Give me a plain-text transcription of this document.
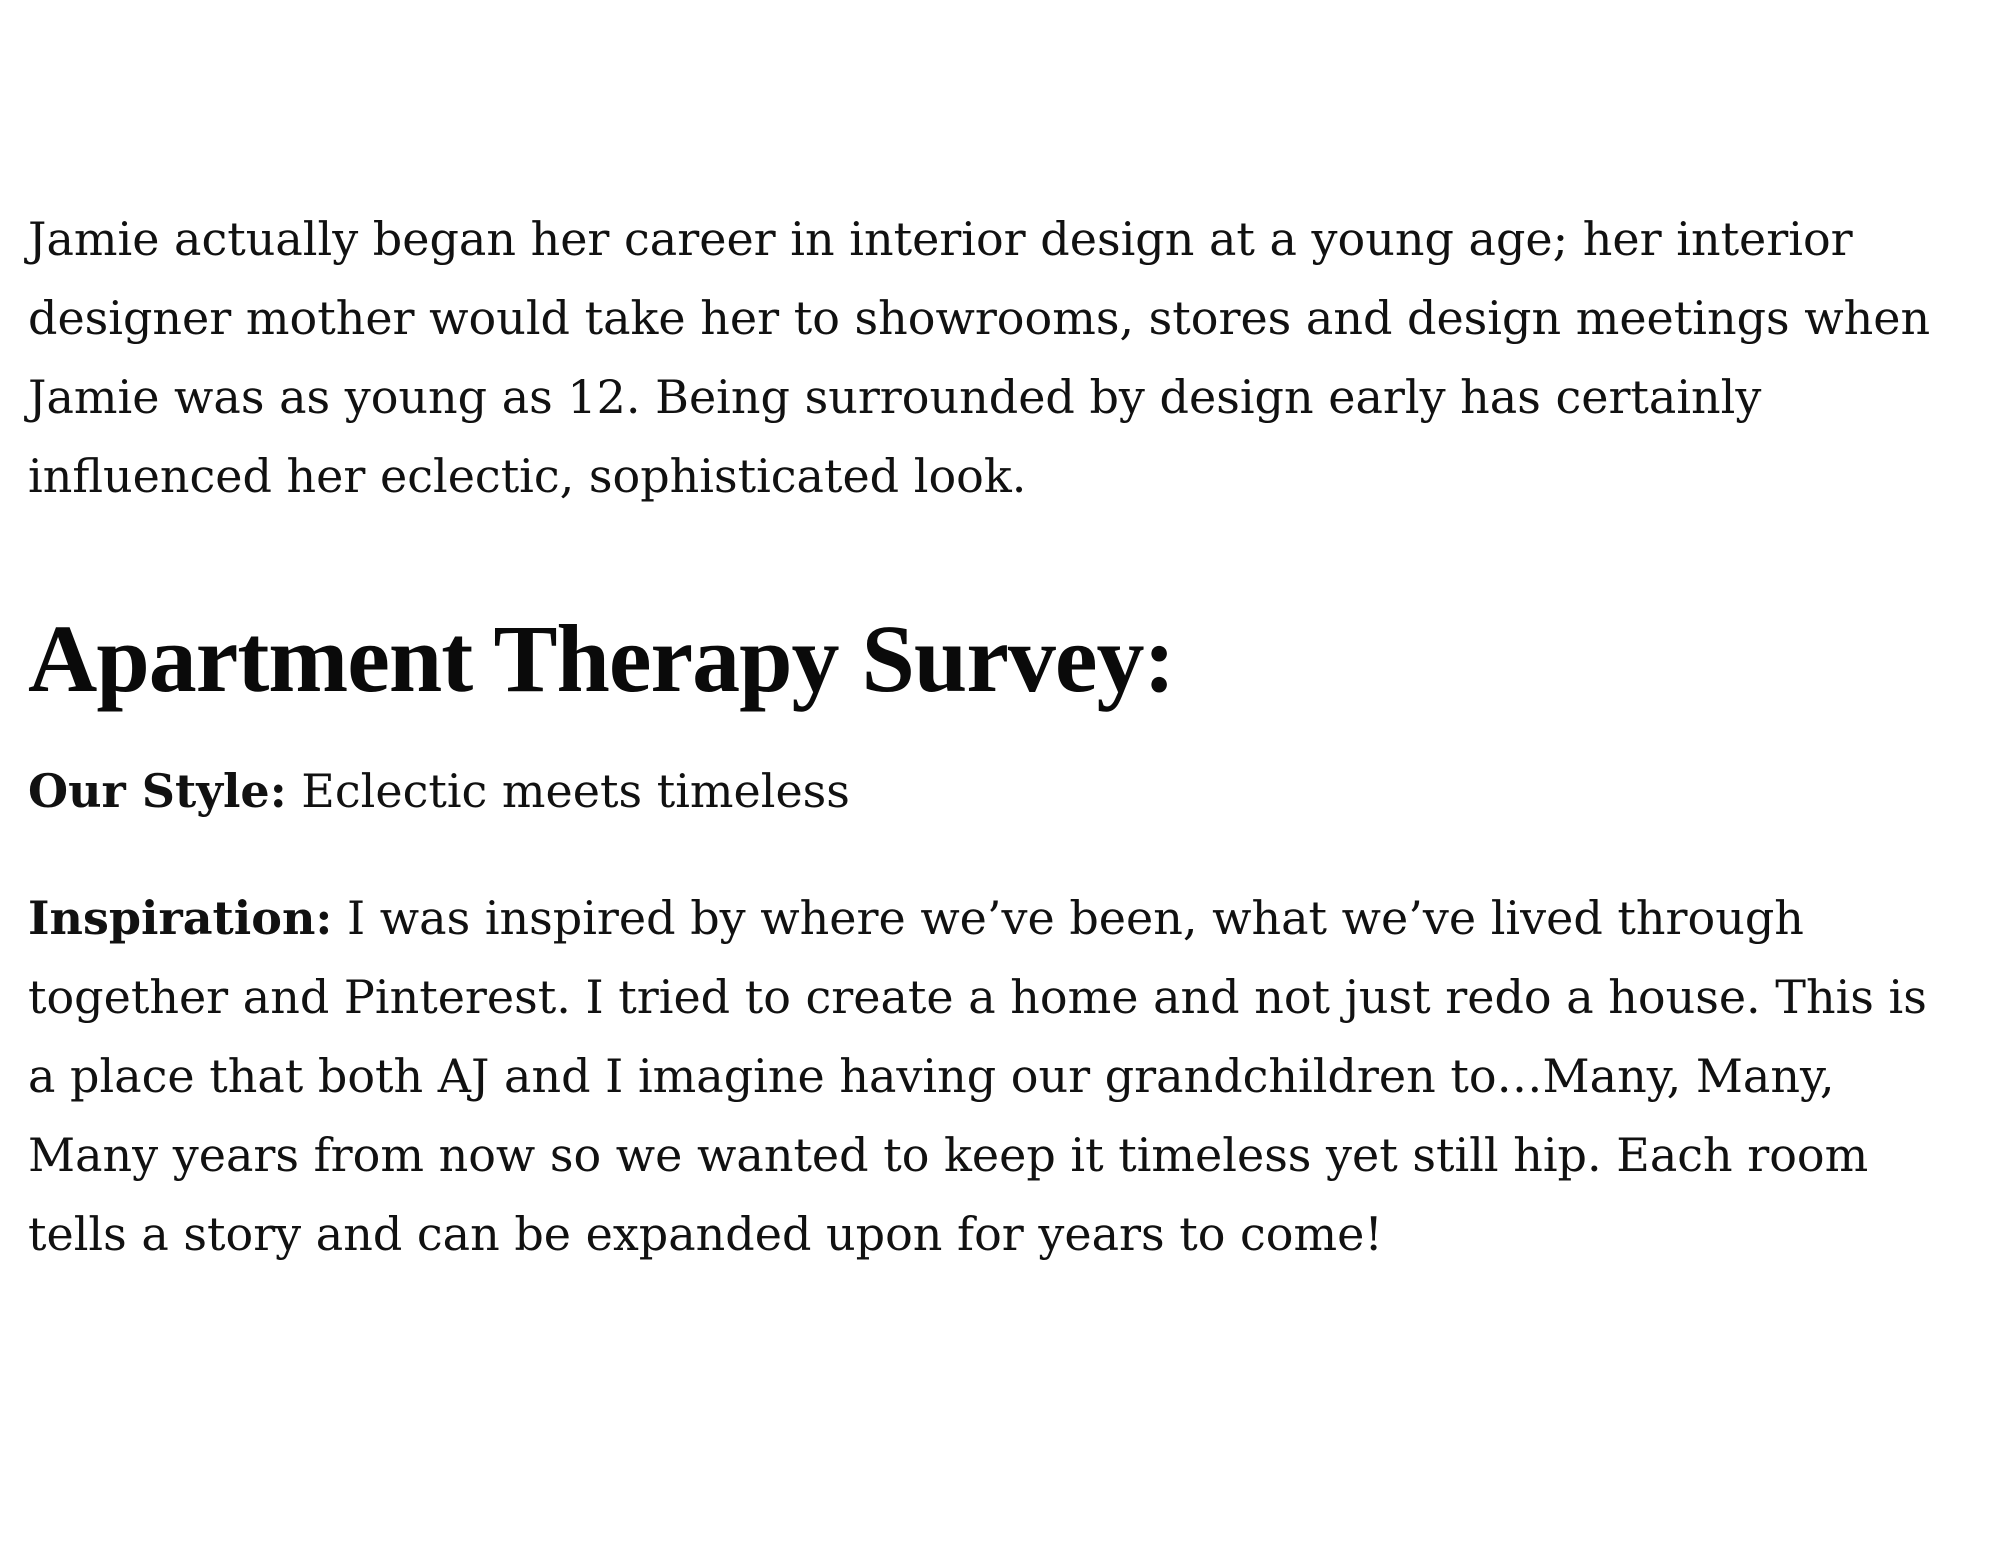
Jamie actually began her career in interior design at a young age; her interior designer mother would take her to showrooms, stores and design meetings when Jamie was as young as 12. Being surrounded by design early has certainly influenced her eclectic, sophisticated look.

Apartment Therapy Survey:

Our Style: Eclectic meets timeless

Inspiration: I was inspired by where we’ve been, what we’ve lived through together and Pinterest. I tried to create a home and not just redo a house. This is a place that both AJ and I imagine having our grandchildren to…Many, Many, Many years from now so we wanted to keep it timeless yet still hip. Each room tells a story and can be expanded upon for years to come!
